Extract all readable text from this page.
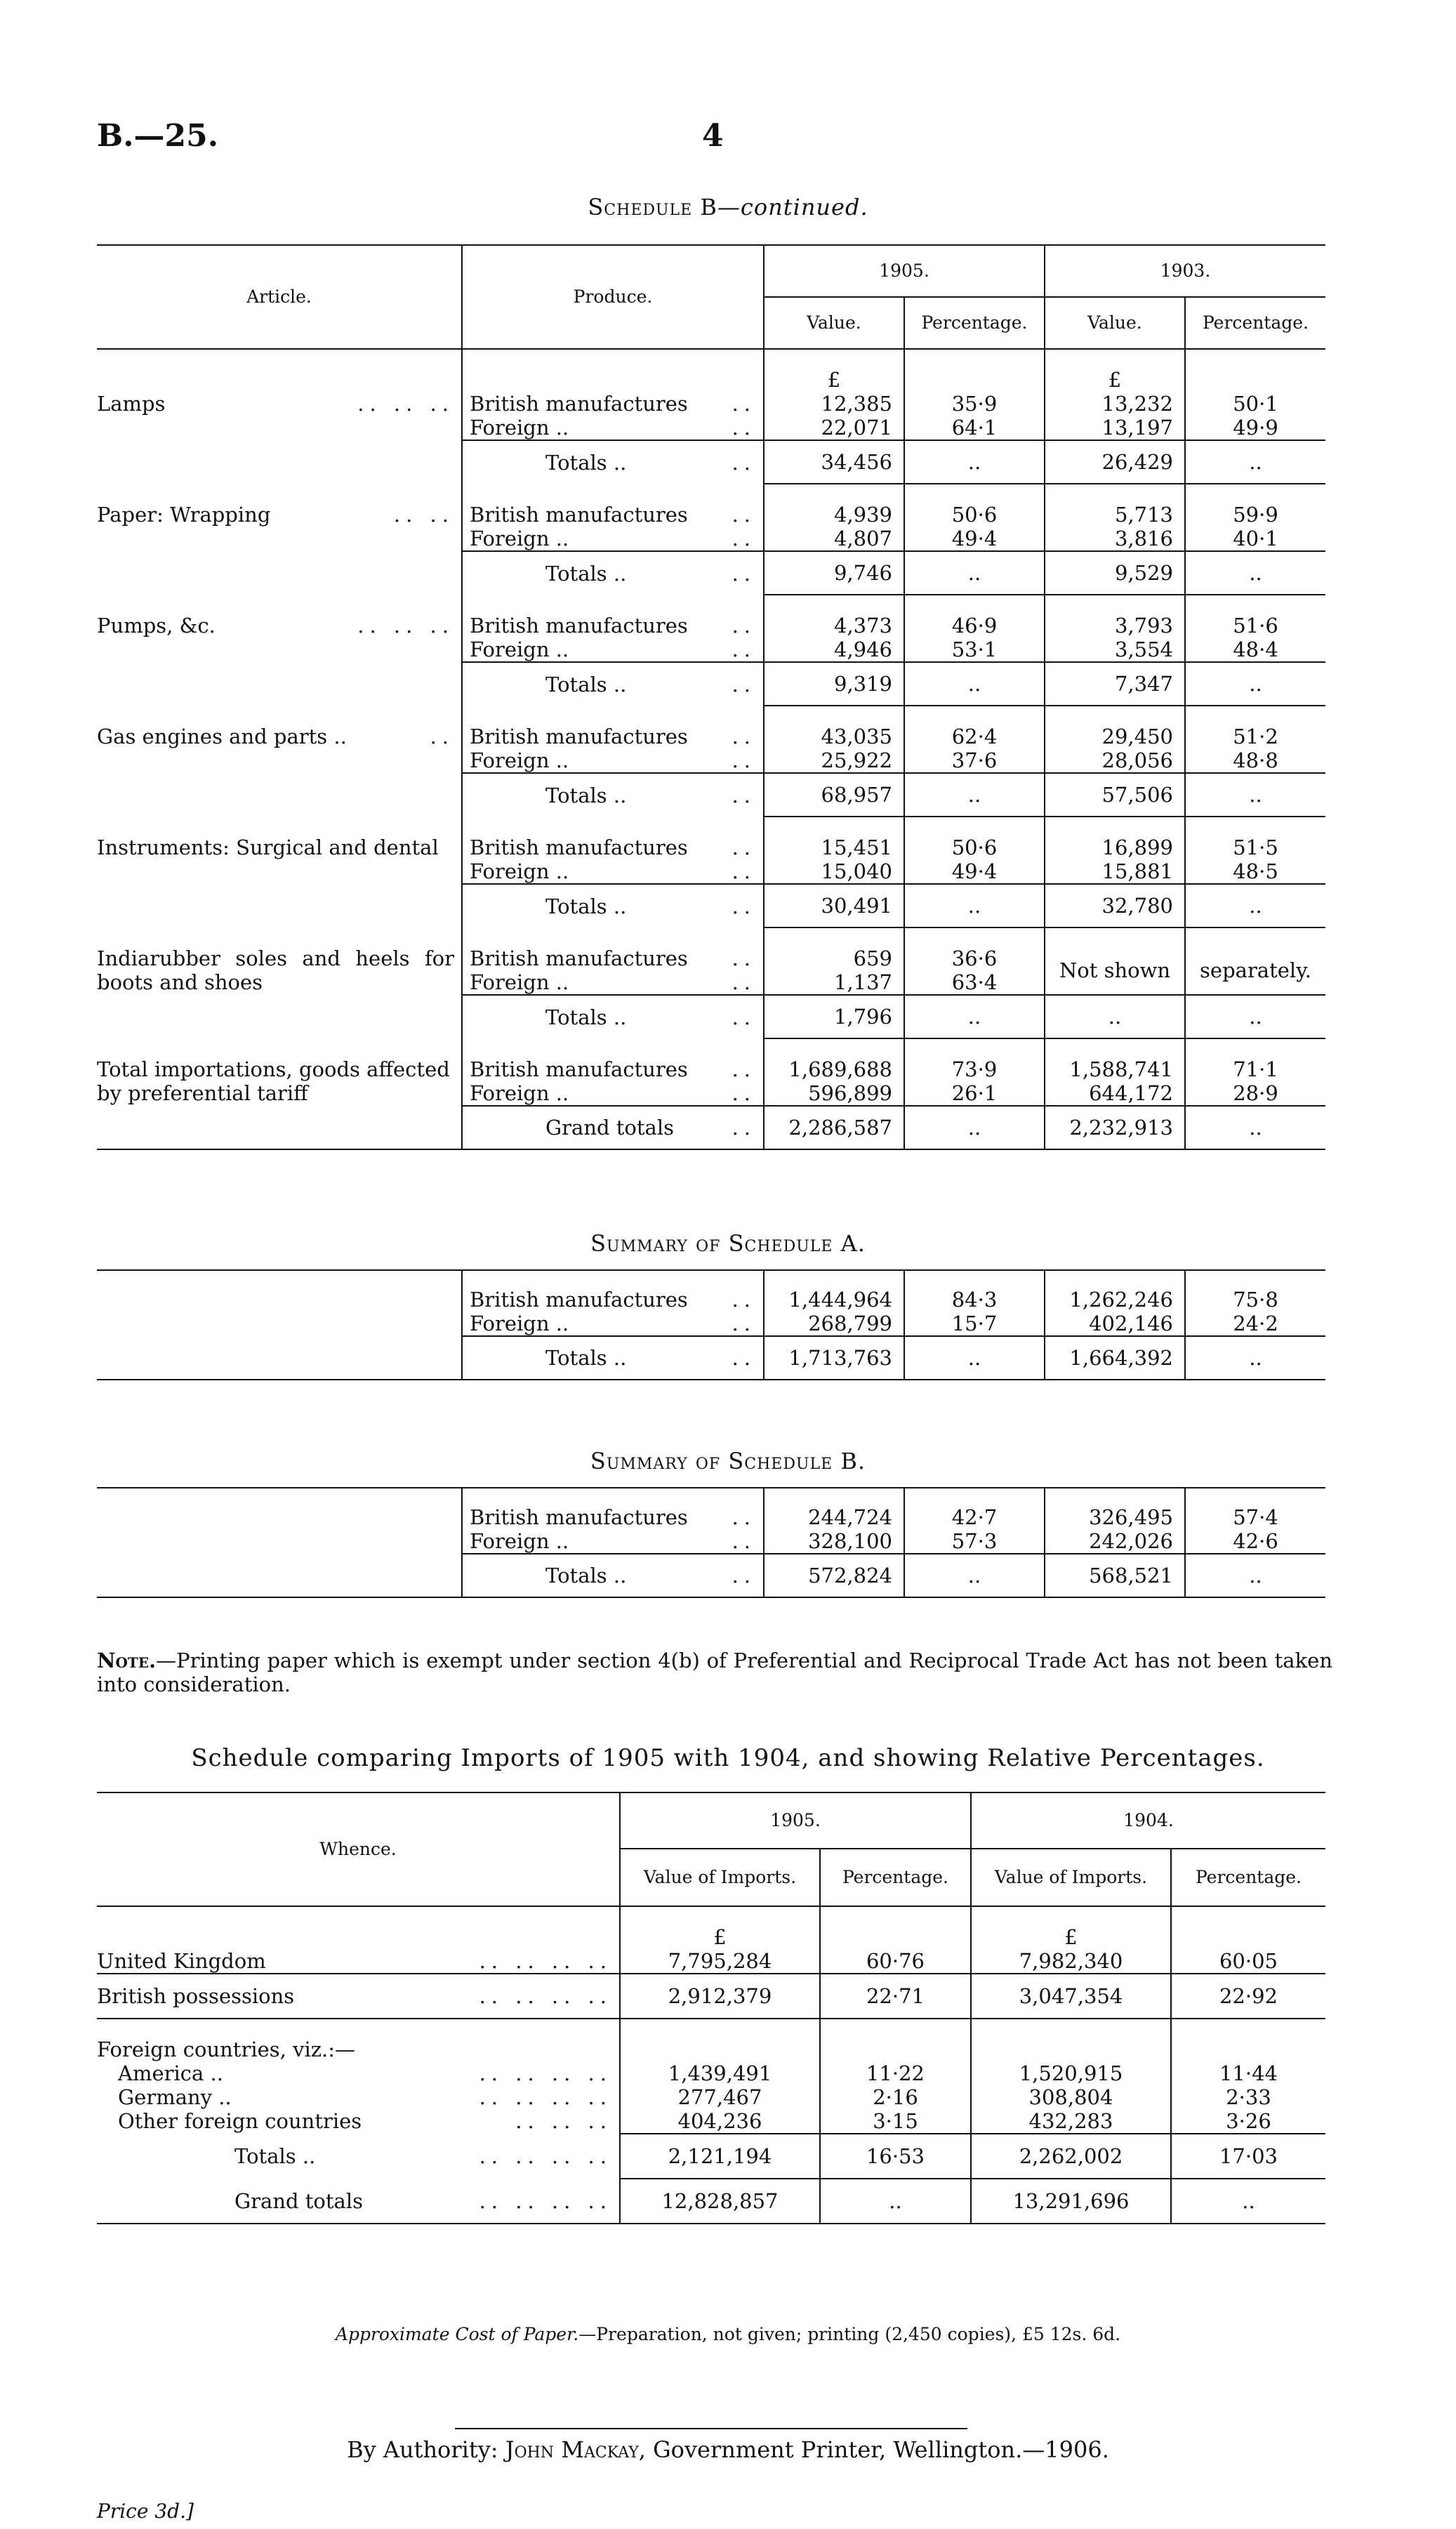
B.—25.	4
Schedule B—continued.
Article.	Produce.	1905.		1903.	
		Value.	Percentage.	Value.	Percentage.

		£		£	
Lamps .. .. ..	British manufactures ..	12,385	35·9	13,232	50·1
	Foreign .. ..	22,071	64·1	13,197	49·9
	Totals .. ..	34,456	..	26,429	..

Paper: Wrapping .. ..	British manufactures ..	4,939	50·6	5,713	59·9
	Foreign .. ..	4,807	49·4	3,816	40·1
	Totals .. ..	9,746	..	9,529	..

Pumps, &c. .. .. ..	British manufactures ..	4,373	46·9	3,793	51·6
	Foreign .. ..	4,946	53·1	3,554	48·4
	Totals .. ..	9,319	..	7,347	..

Gas engines and parts .. ..	British manufactures ..	43,035	62·4	29,450	51·2
	Foreign .. ..	25,922	37·6	28,056	48·8
	Totals .. ..	68,957	..	57,506	..

Instruments: Surgical and dental	British manufactures ..	15,451	50·6	16,899	51·5
	Foreign .. ..	15,040	49·4	15,881	48·5
	Totals .. ..	30,491	..	32,780	..

Indiarubber soles and heels for boots and shoes	British manufactures ..	659	36·6	Not shown	separately.
	Foreign .. ..	1,137	63·4		
	Totals .. ..	1,796	..	..	..

Total importations, goods affected by preferential tariff	British manufactures ..	1,689,688	73·9	1,588,741	71·1
	Foreign .. ..	596,899	26·1	644,172	28·9
	Grand totals ..	2,286,587	..	2,232,913	..

Summary of Schedule A.

	British manufactures ..	1,444,964	84·3	1,262,246	75·8
	Foreign .. ..	268,799	15·7	402,146	24·2
	Totals .. ..	1,713,763	..	1,664,392	..
Summary of Schedule B.

	British manufactures ..	244,724	42·7	326,495	57·4
	Foreign .. ..	328,100	57·3	242,026	42·6
	Totals .. ..	572,824	..	568,521	..
Note.—Printing paper which is exempt under section 4(b) of Preferential and Reciprocal Trade Act has not been taken into consideration.
Schedule comparing Imports of 1905 with 1904, and showing Relative Percentages.
Whence.	1905.		1904.	
	Value of Imports.	Percentage.	Value of Imports.	Percentage.

	£		£	
United Kingdom .. .. .. ..	7,795,284	60·76	7,982,340	60·05
British possessions .. .. .. ..	2,912,379	22·71	3,047,354	22·92

Foreign countries, viz.:—				
America .. .. .. .. ..	1,439,491	11·22	1,520,915	11·44
Germany .. .. .. .. ..	277,467	2·16	308,804	2·33
Other foreign countries .. .. ..	404,236	3·15	432,283	3·26
Totals .. .. .. .. ..	2,121,194	16·53	2,262,002	17·03
Grand totals .. .. .. ..	12,828,857	..	13,291,696	..
Approximate Cost of Paper.—Preparation, not given; printing (2,450 copies), £5 12s. 6d.
By Authority: John Mackay, Government Printer, Wellington.—1906.
Price 3d.]
